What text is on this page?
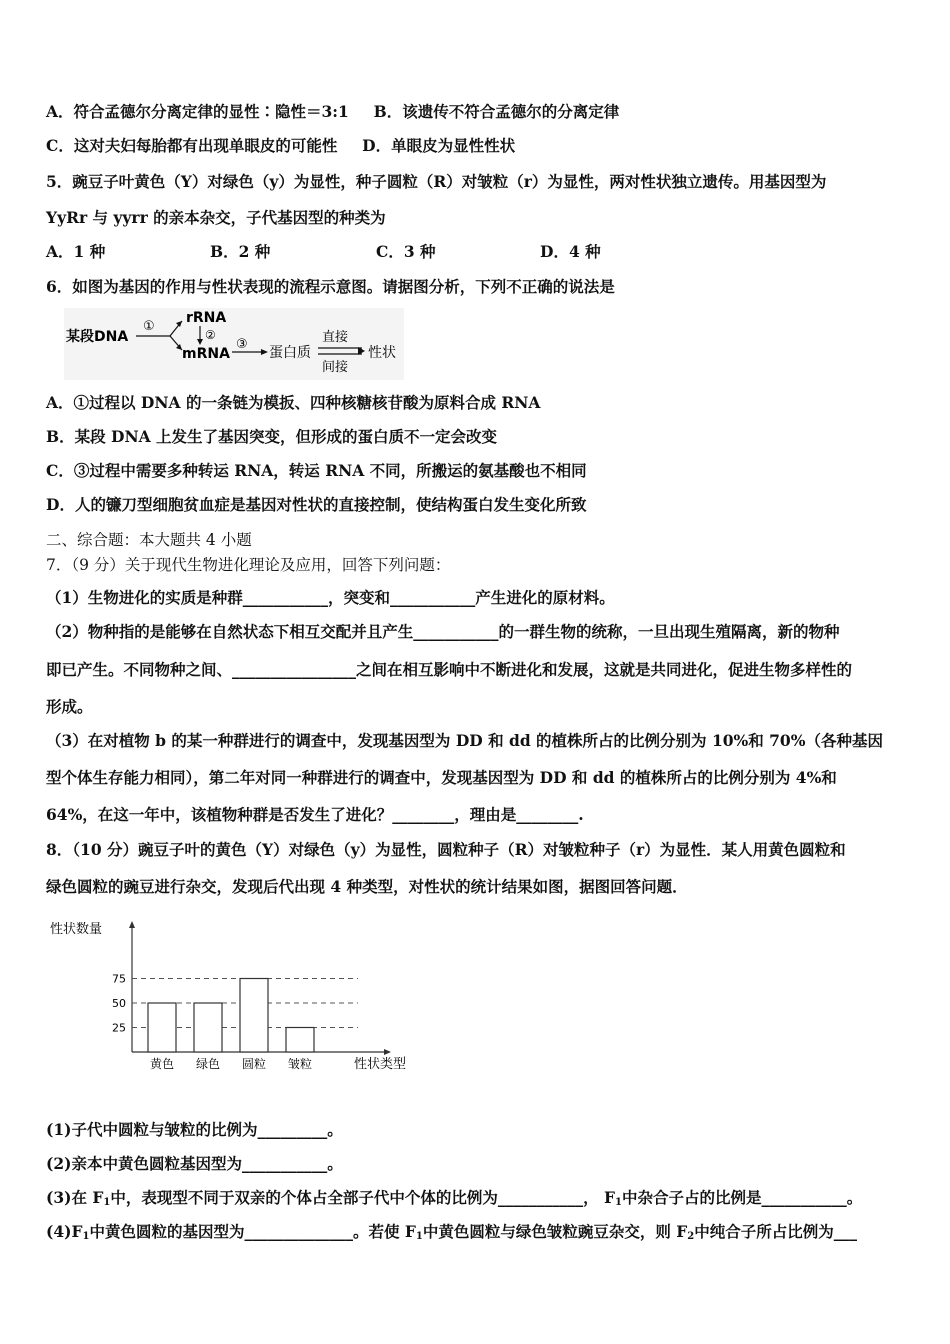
A．符合孟德尔分离定律的显性∶隐性＝3:1 B．该遗传不符合孟德尔的分离定律
C．这对夫妇每胎都有出现单眼皮的可能性 D．单眼皮为显性性状
5．豌豆子叶黄色（Y）对绿色（y）为显性，种子圆粒（R）对皱粒（r）为显性，两对性状独立遗传。用基因型为
YyRr 与 yyrr 的亲本杂交，子代基因型的种类为
A．1 种	B．2 种	C．3 种	D．4 种
6．如图为基因的作用与性状表现的流程示意图。请据图分析，下列不正确的说法是
某段DNA
①
rRNA
②
mRNA
③
蛋白质
直接
间接
性状
A．①过程以 DNA 的一条链为模扳、四种核糖核苷酸为原料合成 RNA
B．某段 DNA 上发生了基因突变，但形成的蛋白质不一定会改变
C．③过程中需要多种转运 RNA，转运 RNA 不同，所搬运的氨基酸也不相同
D．人的镰刀型细胞贫血症是基因对性状的直接控制，使结构蛋白发生变化所致
二、综合题：本大题共 4 小题
7．（9 分）关于现代生物进化理论及应用，回答下列问题：
（1）生物进化的实质是种群___________，突变和___________产生进化的原材料。
（2）物种指的是能够在自然状态下相互交配并且产生___________的一群生物的统称，一旦出现生殖隔离，新的物种
即已产生。不同物种之间、________________之间在相互影响中不断进化和发展，这就是共同进化，促进生物多样性的
形成。
（3）在对植物 b 的某一种群进行的调查中，发现基因型为 DD 和 dd 的植株所占的比例分别为 10%和 70%（各种基因
型个体生存能力相同），第二年对同一种群进行的调查中，发现基因型为 DD 和 dd 的植株所占的比例分别为 4%和
64%，在这一年中，该植物种群是否发生了进化？________，理由是________.
8．（10 分）豌豆子叶的黄色（Y）对绿色（y）为显性，圆粒种子（R）对皱粒种子（r）为显性．某人用黄色圆粒和
绿色圆粒的豌豆进行杂交，发现后代出现 4 种类型，对性状的统计结果如图，据图回答问题．
性状数量
性状类型
25
50
75
黄色 绿色 圆粒 皱粒
(1)子代中圆粒与皱粒的比例为_________。
(2)亲本中黄色圆粒基因型为___________。
(3)在 $F_1$中，表现型不同于双亲的个体占全部子代中个体的比例为___________， $F_1$中杂合子占的比例是___________。
$(4)F_1$中黄色圆粒的基因型为______________。若使 $F_1$中黄色圆粒与绿色皱粒豌豆杂交，则 $F_2$中纯合子所占比例为___
